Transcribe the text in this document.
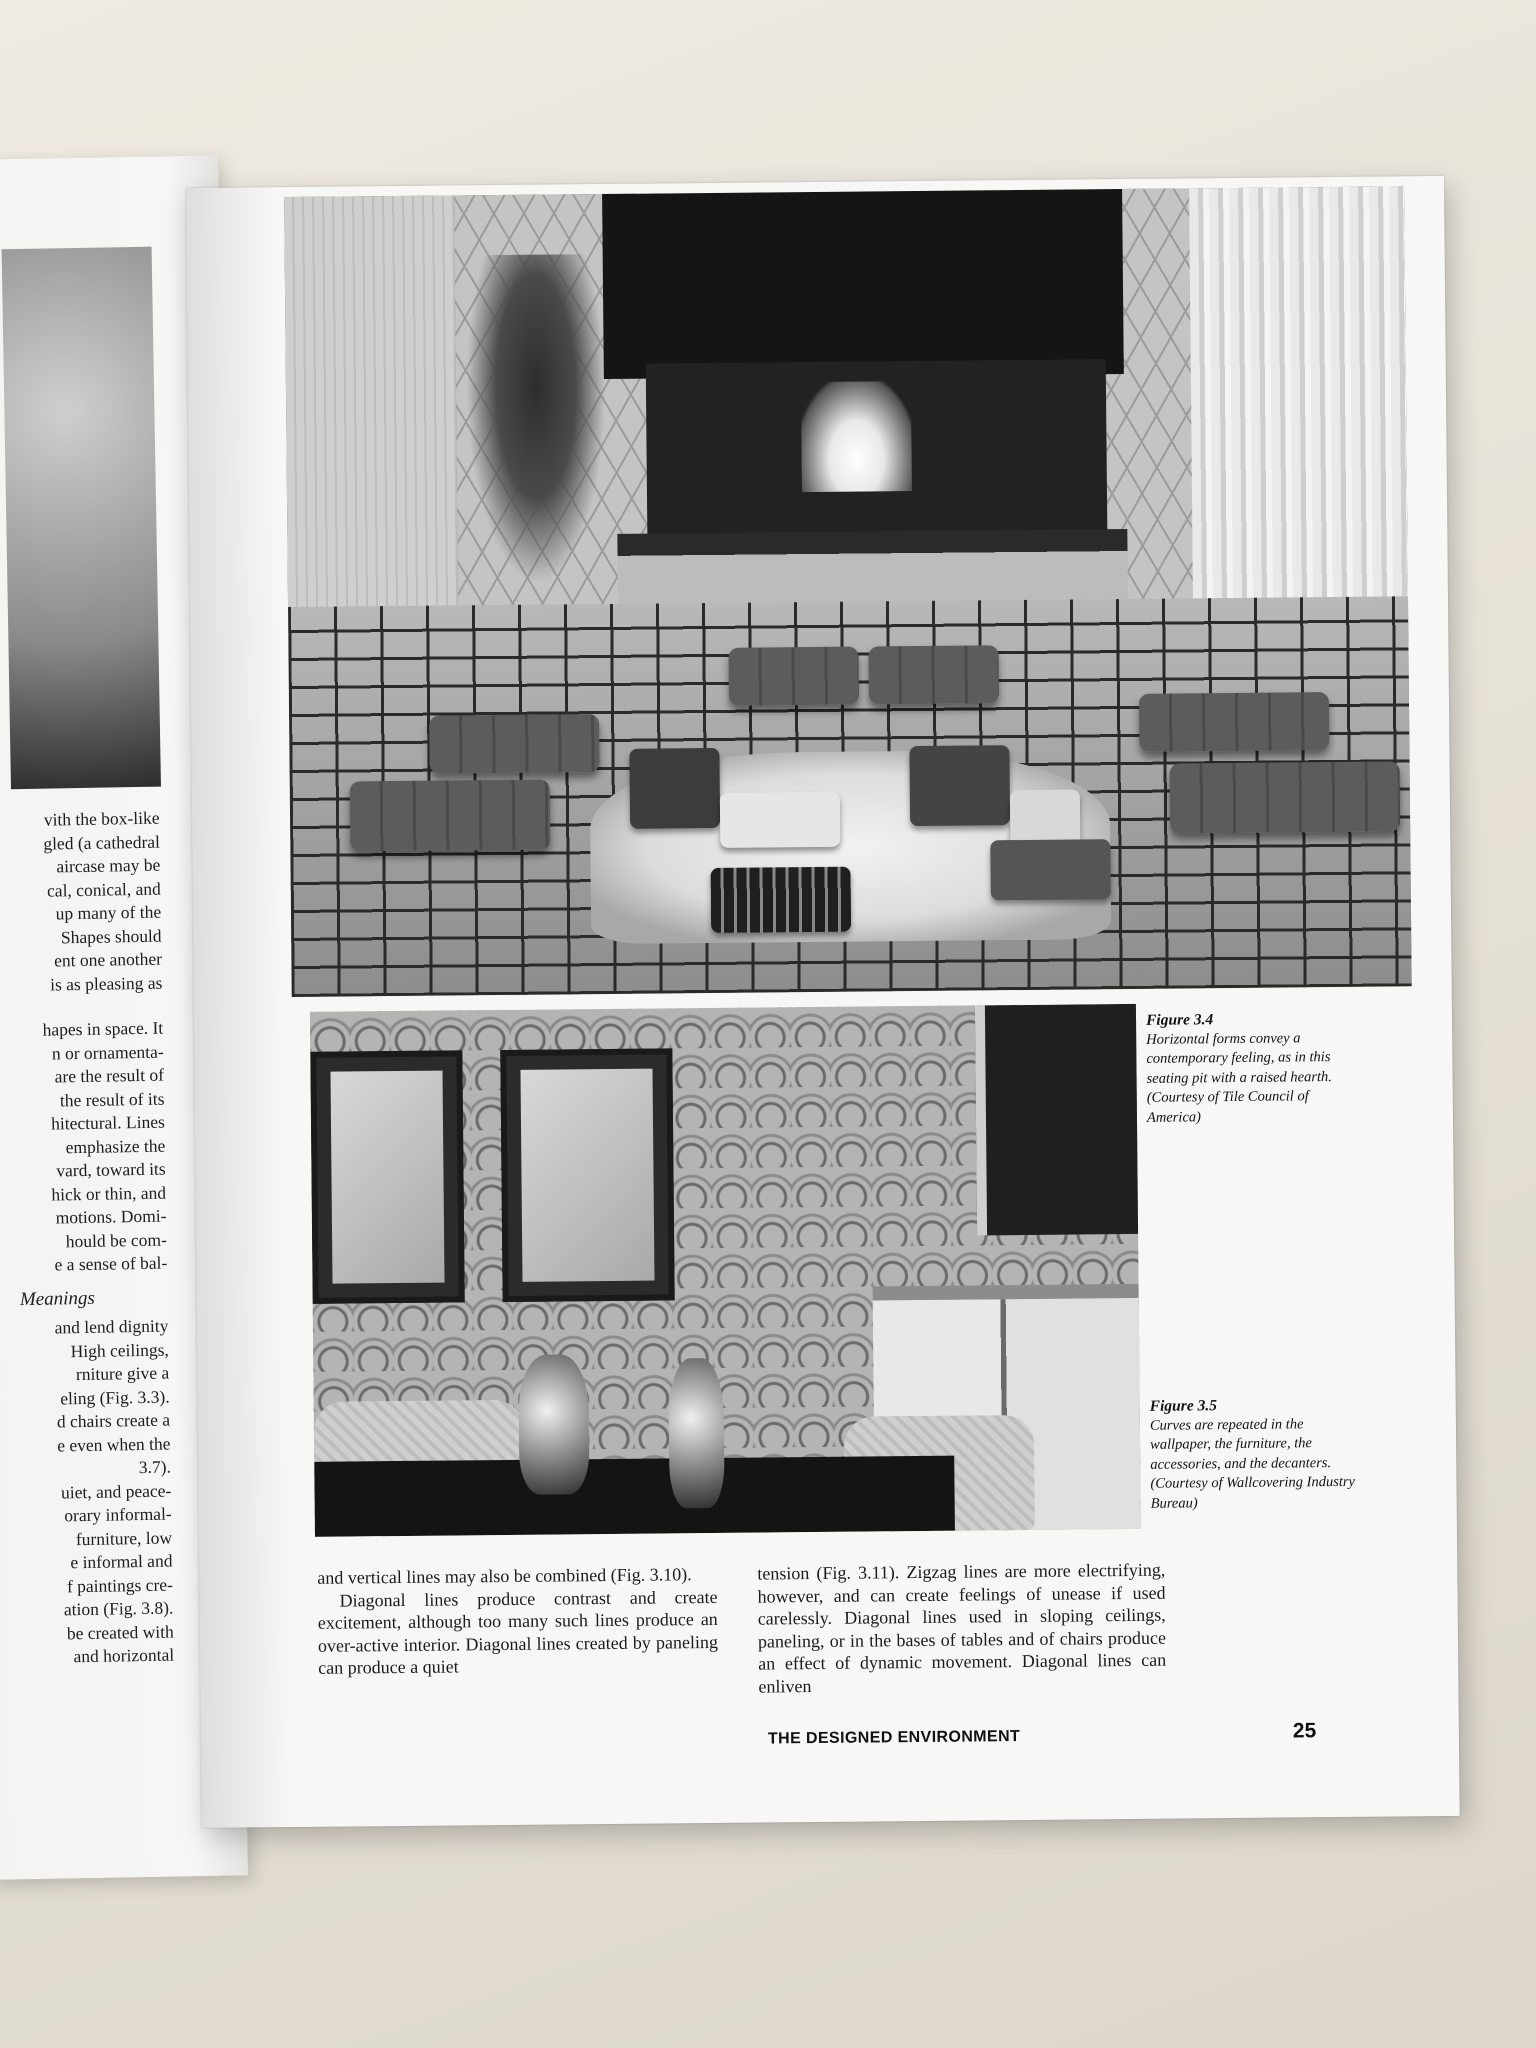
vith the box-like
gled (a cathedral
aircase may be
cal, conical, and
up many of the
Shapes should
ent one another
is as pleasing as
hapes in space. It
n or ornamenta-
are the result of
the result of its
hitectural. Lines
emphasize the
vard, toward its
hick or thin, and
motions. Domi-
hould be com-
e a sense of bal-
Meanings
and lend dignity
High ceilings,
rniture give a
eling (Fig. 3.3).
d chairs create a
e even when the
3.7).
uiet, and peace-
orary informal-
furniture, low
e informal and
f paintings cre-
ation (Fig. 3.8).
be created with
and horizontal
Figure 3.4
Horizontal forms convey a contemporary feeling, as in this seating pit with a raised hearth. (Courtesy of Tile Council of America)
Figure 3.5
Curves are repeated in the wallpaper, the furniture, the accessories, and the decanters. (Courtesy of Wallcovering Industry Bureau)

and vertical lines may also be combined (Fig. 3.10).

Diagonal lines produce contrast and create excitement, although too many such lines produce an over-active interior. Diagonal lines created by paneling can produce a quiet

tension (Fig. 3.11). Zigzag lines are more electrifying, however, and can create feelings of unease if used carelessly. Diagonal lines used in sloping ceilings, paneling, or in the bases of tables and of chairs produce an effect of dynamic movement. Diagonal lines can enliven

THE DESIGNED ENVIRONMENT	25
